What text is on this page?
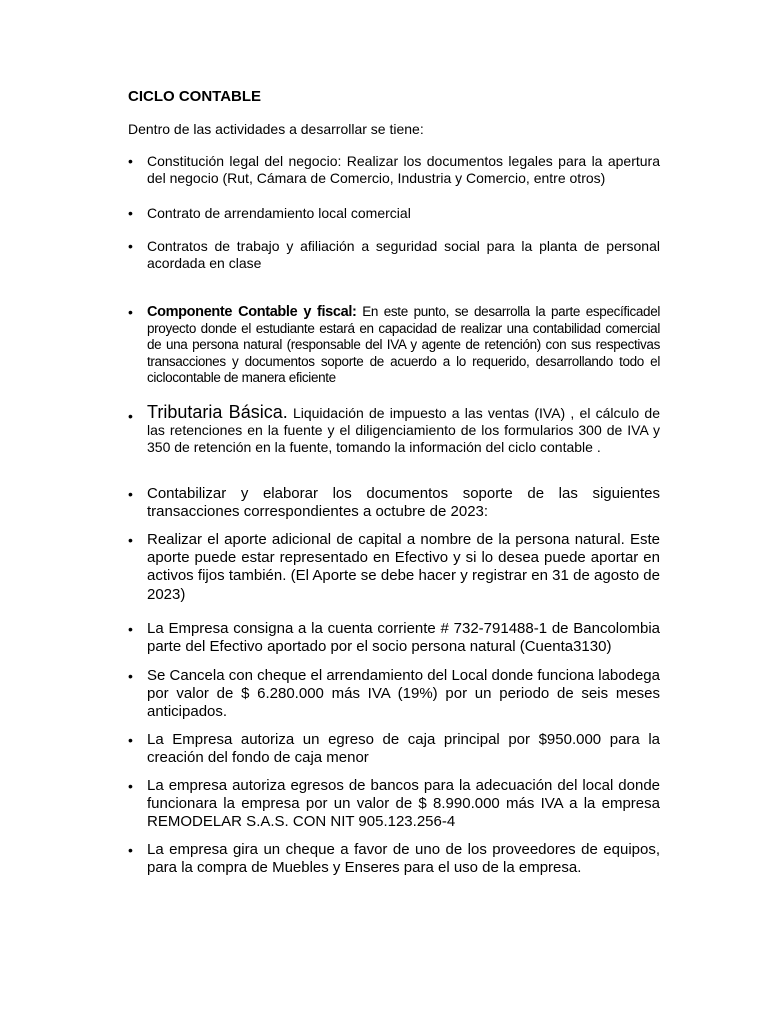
CICLO CONTABLE

Dentro de las actividades a desarrollar se tiene:

•	Constitución legal del negocio: Realizar los documentos legales para la apertura del negocio (Rut, Cámara de Comercio, Industria y Comercio, entre otros)
•	Contrato de arrendamiento local comercial
•	Contratos de trabajo y afiliación a seguridad social para la planta de personal acordada en clase
• Componente Contable y fiscal: En este punto, se desarrolla la parte específicadel proyecto donde el estudiante estará en capacidad de realizar una contabilidad comercial de una persona natural (responsable del IVA y agente de retención) con sus respectivas transacciones y documentos soporte de acuerdo a lo requerido, desarrollando todo el ciclocontable de manera eficiente
• Tributaria Básica. Liquidación de impuesto a las ventas (IVA) , el cálculo de las retenciones en la fuente y el diligenciamiento de los formularios 300 de IVA y 350 de retención en la fuente, tomando la información del ciclo contable .
• Contabilizar y elaborar los documentos soporte de las siguientes transacciones correspondientes a octubre de 2023:
• Realizar el aporte adicional de capital a nombre de la persona natural. Este aporte puede estar representado en Efectivo y si lo desea puede aportar en activos fijos también. (El Aporte se debe hacer y registrar en 31 de agosto de 2023)
• La Empresa consigna a la cuenta corriente # 732-791488-1 de Bancolombia parte del Efectivo aportado por el socio persona natural (Cuenta3130)
• Se Cancela con cheque el arrendamiento del Local donde funciona labodega por valor de $ 6.280.000 más IVA (19%) por un periodo de seis meses anticipados.
• La Empresa autoriza un egreso de caja principal por $950.000 para la creación del fondo de caja menor
• La empresa autoriza egresos de bancos para la adecuación del local donde funcionara la empresa por un valor de $ 8.990.000 más IVA a la empresa REMODELAR S.A.S. CON NIT 905.123.256-4
• La empresa gira un cheque a favor de uno de los proveedores de equipos, para la compra de Muebles y Enseres para el uso de la empresa.
